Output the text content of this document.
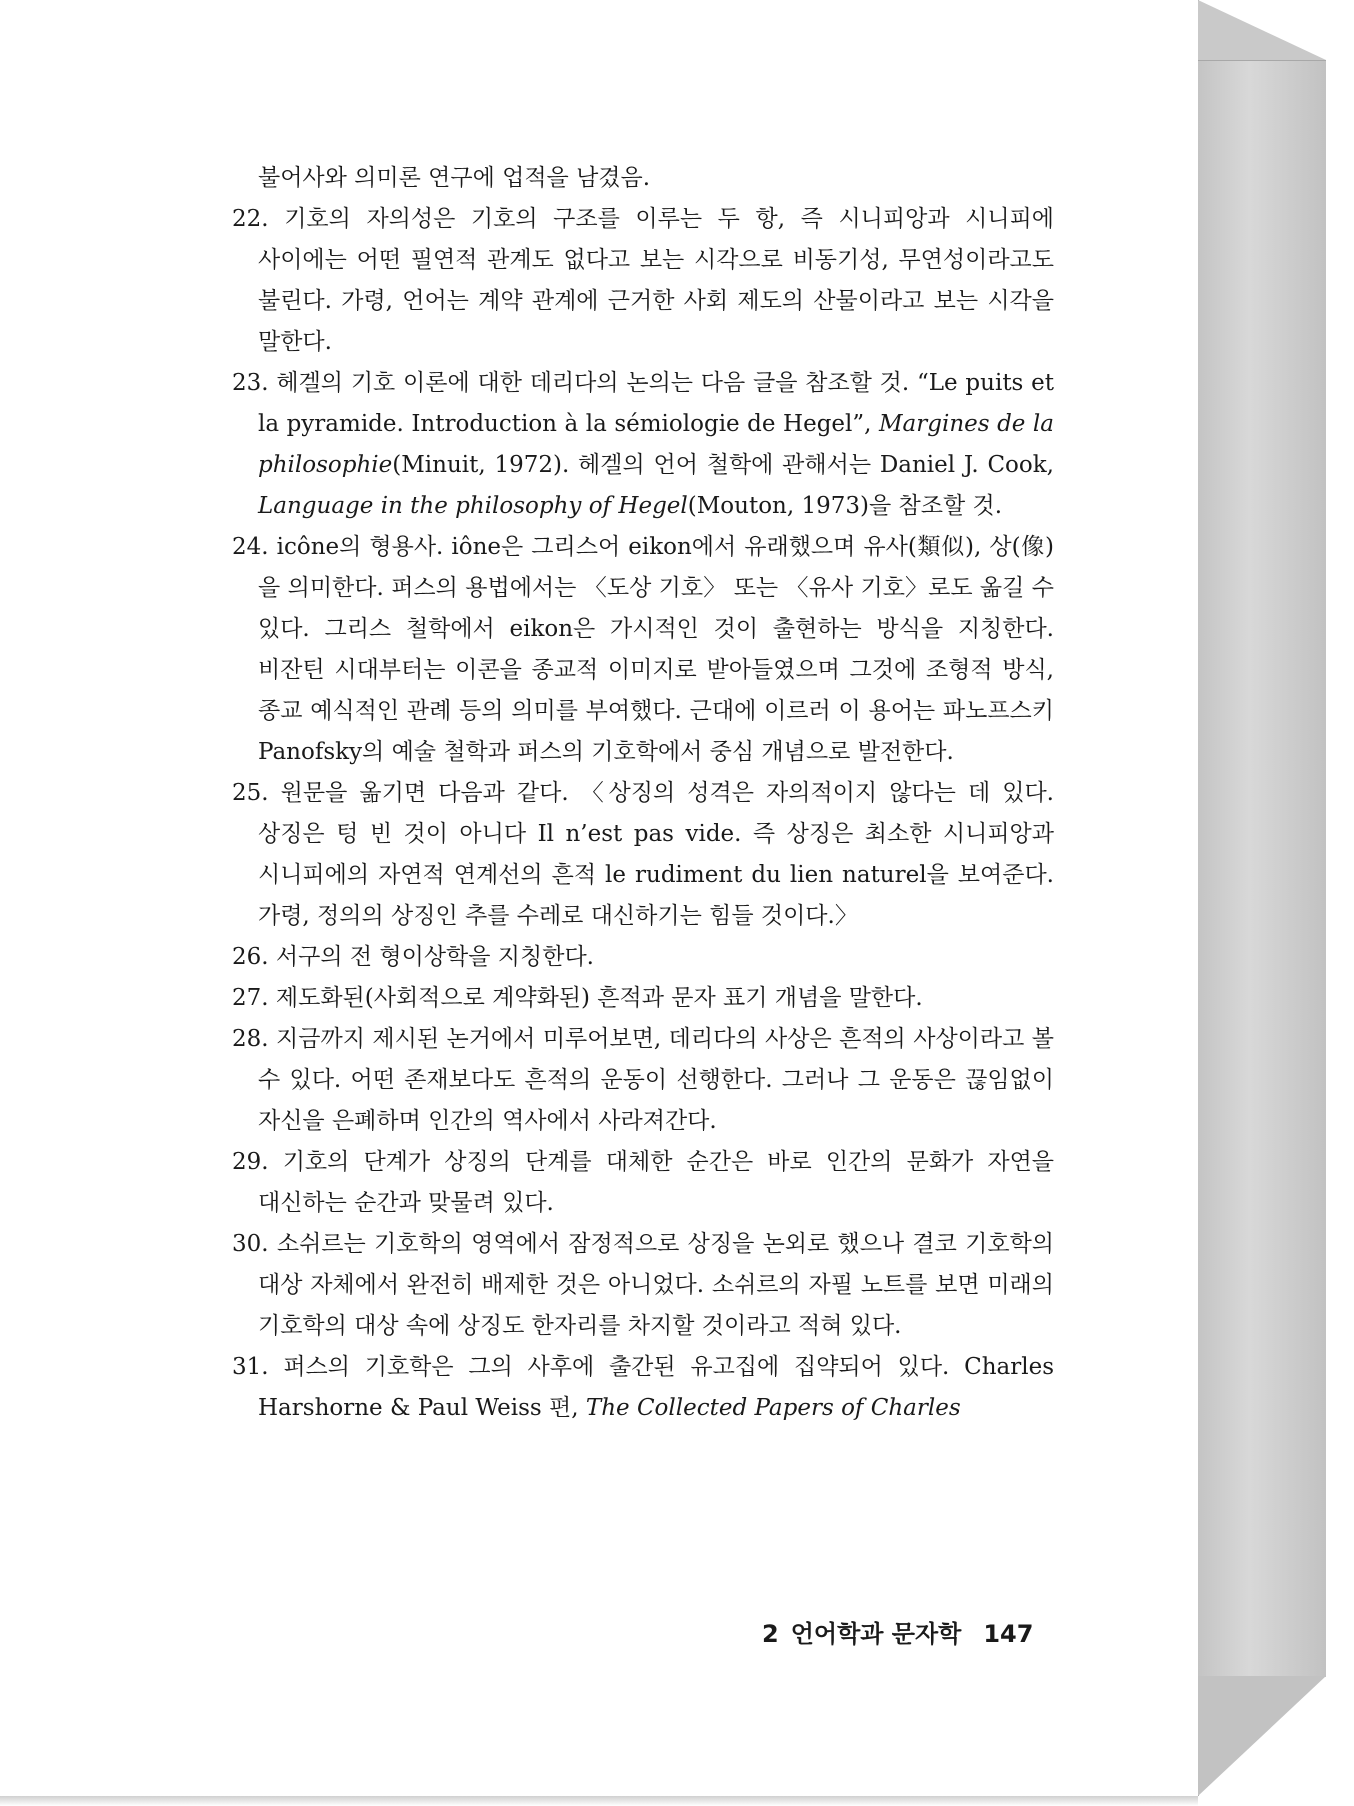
불어사와 의미론 연구에 업적을 남겼음.

22. 기호의 자의성은 기호의 구조를 이루는 두 항, 즉 시니피앙과 시니피에 사이에는 어떤 필연적 관계도 없다고 보는 시각으로 비동기성, 무연성이라고도 불린다. 가령, 언어는 계약 관계에 근거한 사회 제도의 산물이라고 보는 시각을 말한다.

23. 헤겔의 기호 이론에 대한 데리다의 논의는 다음 글을 참조할 것. “Le puits et la pyramide. Introduction à la sémiologie de Hegel”, Margines de la philosophie(Minuit, 1972). 헤겔의 언어 철학에 관해서는 Daniel J. Cook, Language in the philosophy of Hegel(Mouton, 1973)을 참조할 것.

24. icône의 형용사. iône은 그리스어 eikon에서 유래했으며 유사(類似), 상(像)을 의미한다. 퍼스의 용법에서는 〈도상 기호〉 또는 〈유사 기호〉로도 옮길 수 있다. 그리스 철학에서 eikon은 가시적인 것이 출현하는 방식을 지칭한다. 비잔틴 시대부터는 이콘을 종교적 이미지로 받아들였으며 그것에 조형적 방식, 종교 예식적인 관례 등의 의미를 부여했다. 근대에 이르러 이 용어는 파노프스키 Panofsky의 예술 철학과 퍼스의 기호학에서 중심 개념으로 발전한다.

25. 원문을 옮기면 다음과 같다. 〈상징의 성격은 자의적이지 않다는 데 있다. 상징은 텅 빈 것이 아니다 Il n’est pas vide. 즉 상징은 최소한 시니피앙과 시니피에의 자연적 연계선의 흔적 le rudiment du lien naturel을 보여준다. 가령, 정의의 상징인 추를 수레로 대신하기는 힘들 것이다.〉

26. 서구의 전 형이상학을 지칭한다.

27. 제도화된(사회적으로 계약화된) 흔적과 문자 표기 개념을 말한다.

28. 지금까지 제시된 논거에서 미루어보면, 데리다의 사상은 흔적의 사상이라고 볼 수 있다. 어떤 존재보다도 흔적의 운동이 선행한다. 그러나 그 운동은 끊임없이 자신을 은폐하며 인간의 역사에서 사라져간다.

29. 기호의 단계가 상징의 단계를 대체한 순간은 바로 인간의 문화가 자연을 대신하는 순간과 맞물려 있다.

30. 소쉬르는 기호학의 영역에서 잠정적으로 상징을 논외로 했으나 결코 기호학의 대상 자체에서 완전히 배제한 것은 아니었다. 소쉬르의 자필 노트를 보면 미래의 기호학의 대상 속에 상징도 한자리를 차지할 것이라고 적혀 있다.

31. 퍼스의 기호학은 그의 사후에 출간된 유고집에 집약되어 있다. Charles Harshorne & Paul Weiss 편, The Collected Papers of Charles

2 언어학과 문자학 147
